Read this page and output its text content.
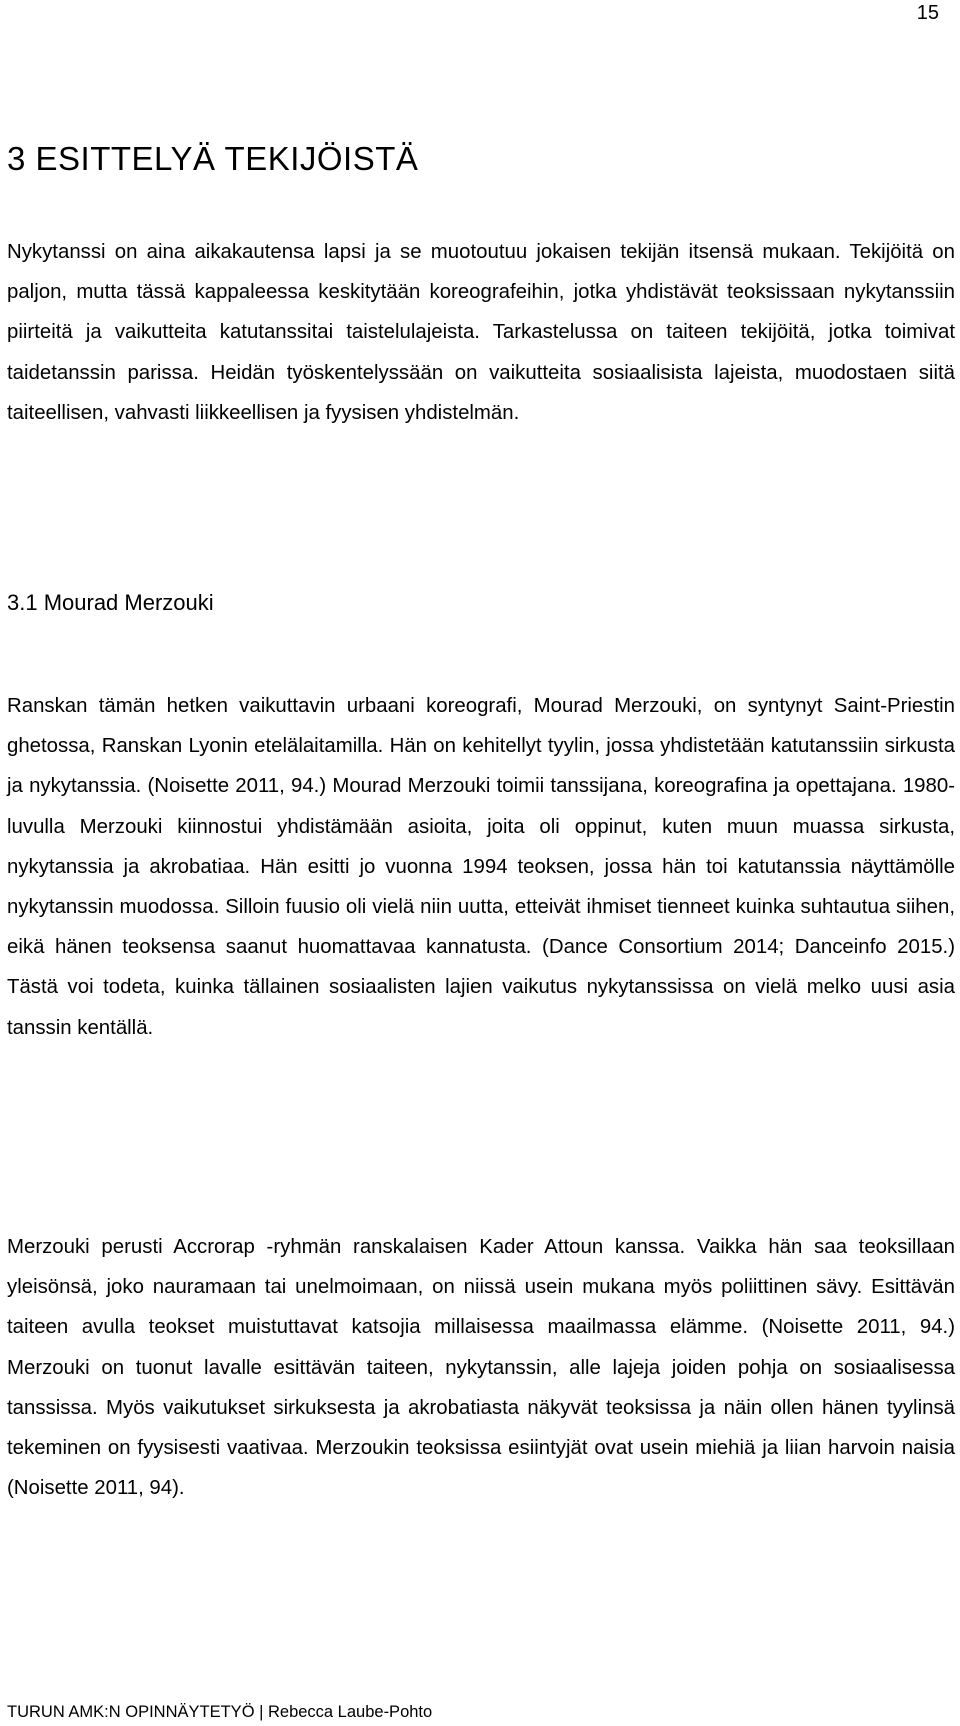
15
3 ESITTELYÄ TEKIJÖISTÄ

Nykytanssi on aina aikakautensa lapsi ja se muotoutuu jokaisen tekijän itsensä mukaan. Tekijöitä on paljon, mutta tässä kappaleessa keskitytään koreografeihin, jotka yhdistävät teoksissaan nykytanssiin piirteitä ja vaikutteita katutanssitai taistelulajeista. Tarkastelussa on taiteen tekijöitä, jotka toimivat taidetanssin parissa. Heidän työskentelyssään on vaikutteita sosiaalisista lajeista, muodostaen siitä taiteellisen, vahvasti liikkeellisen ja fyysisen yhdistelmän.

3.1 Mourad Merzouki

Ranskan tämän hetken vaikuttavin urbaani koreografi, Mourad Merzouki, on syntynyt Saint-Priestin ghetossa, Ranskan Lyonin etelälaitamilla. Hän on kehitellyt tyylin, jossa yhdistetään katutanssiin sirkusta ja nykytanssia. (Noisette 2011, 94.) Mourad Merzouki toimii tanssijana, koreografina ja opettajana. 1980-luvulla Merzouki kiinnostui yhdistämään asioita, joita oli oppinut, kuten muun muassa sirkusta, nykytanssia ja akrobatiaa. Hän esitti jo vuonna 1994 teoksen, jossa hän toi katutanssia näyttämölle nykytanssin muodossa. Silloin fuusio oli vielä niin uutta, etteivät ihmiset tienneet kuinka suhtautua siihen, eikä hänen teoksensa saanut huomattavaa kannatusta. (Dance Consortium 2014; Danceinfo 2015.) Tästä voi todeta, kuinka tällainen sosiaalisten lajien vaikutus nykytanssissa on vielä melko uusi asia tanssin kentällä.

Merzouki perusti Accrorap -ryhmän ranskalaisen Kader Attoun kanssa. Vaikka hän saa teoksillaan yleisönsä, joko nauramaan tai unelmoimaan, on niissä usein mukana myös poliittinen sävy. Esittävän taiteen avulla teokset muistuttavat katsojia millaisessa maailmassa elämme. (Noisette 2011, 94.) Merzouki on tuonut lavalle esittävän taiteen, nykytanssin, alle lajeja joiden pohja on sosiaalisessa tanssissa. Myös vaikutukset sirkuksesta ja akrobatiasta näkyvät teoksissa ja näin ollen hänen tyylinsä tekeminen on fyysisesti vaativaa. Merzoukin teoksissa esiintyjät ovat usein miehiä ja liian harvoin naisia (Noisette 2011, 94).

TURUN AMK:N OPINNÄYTETYÖ | Rebecca Laube-Pohto
